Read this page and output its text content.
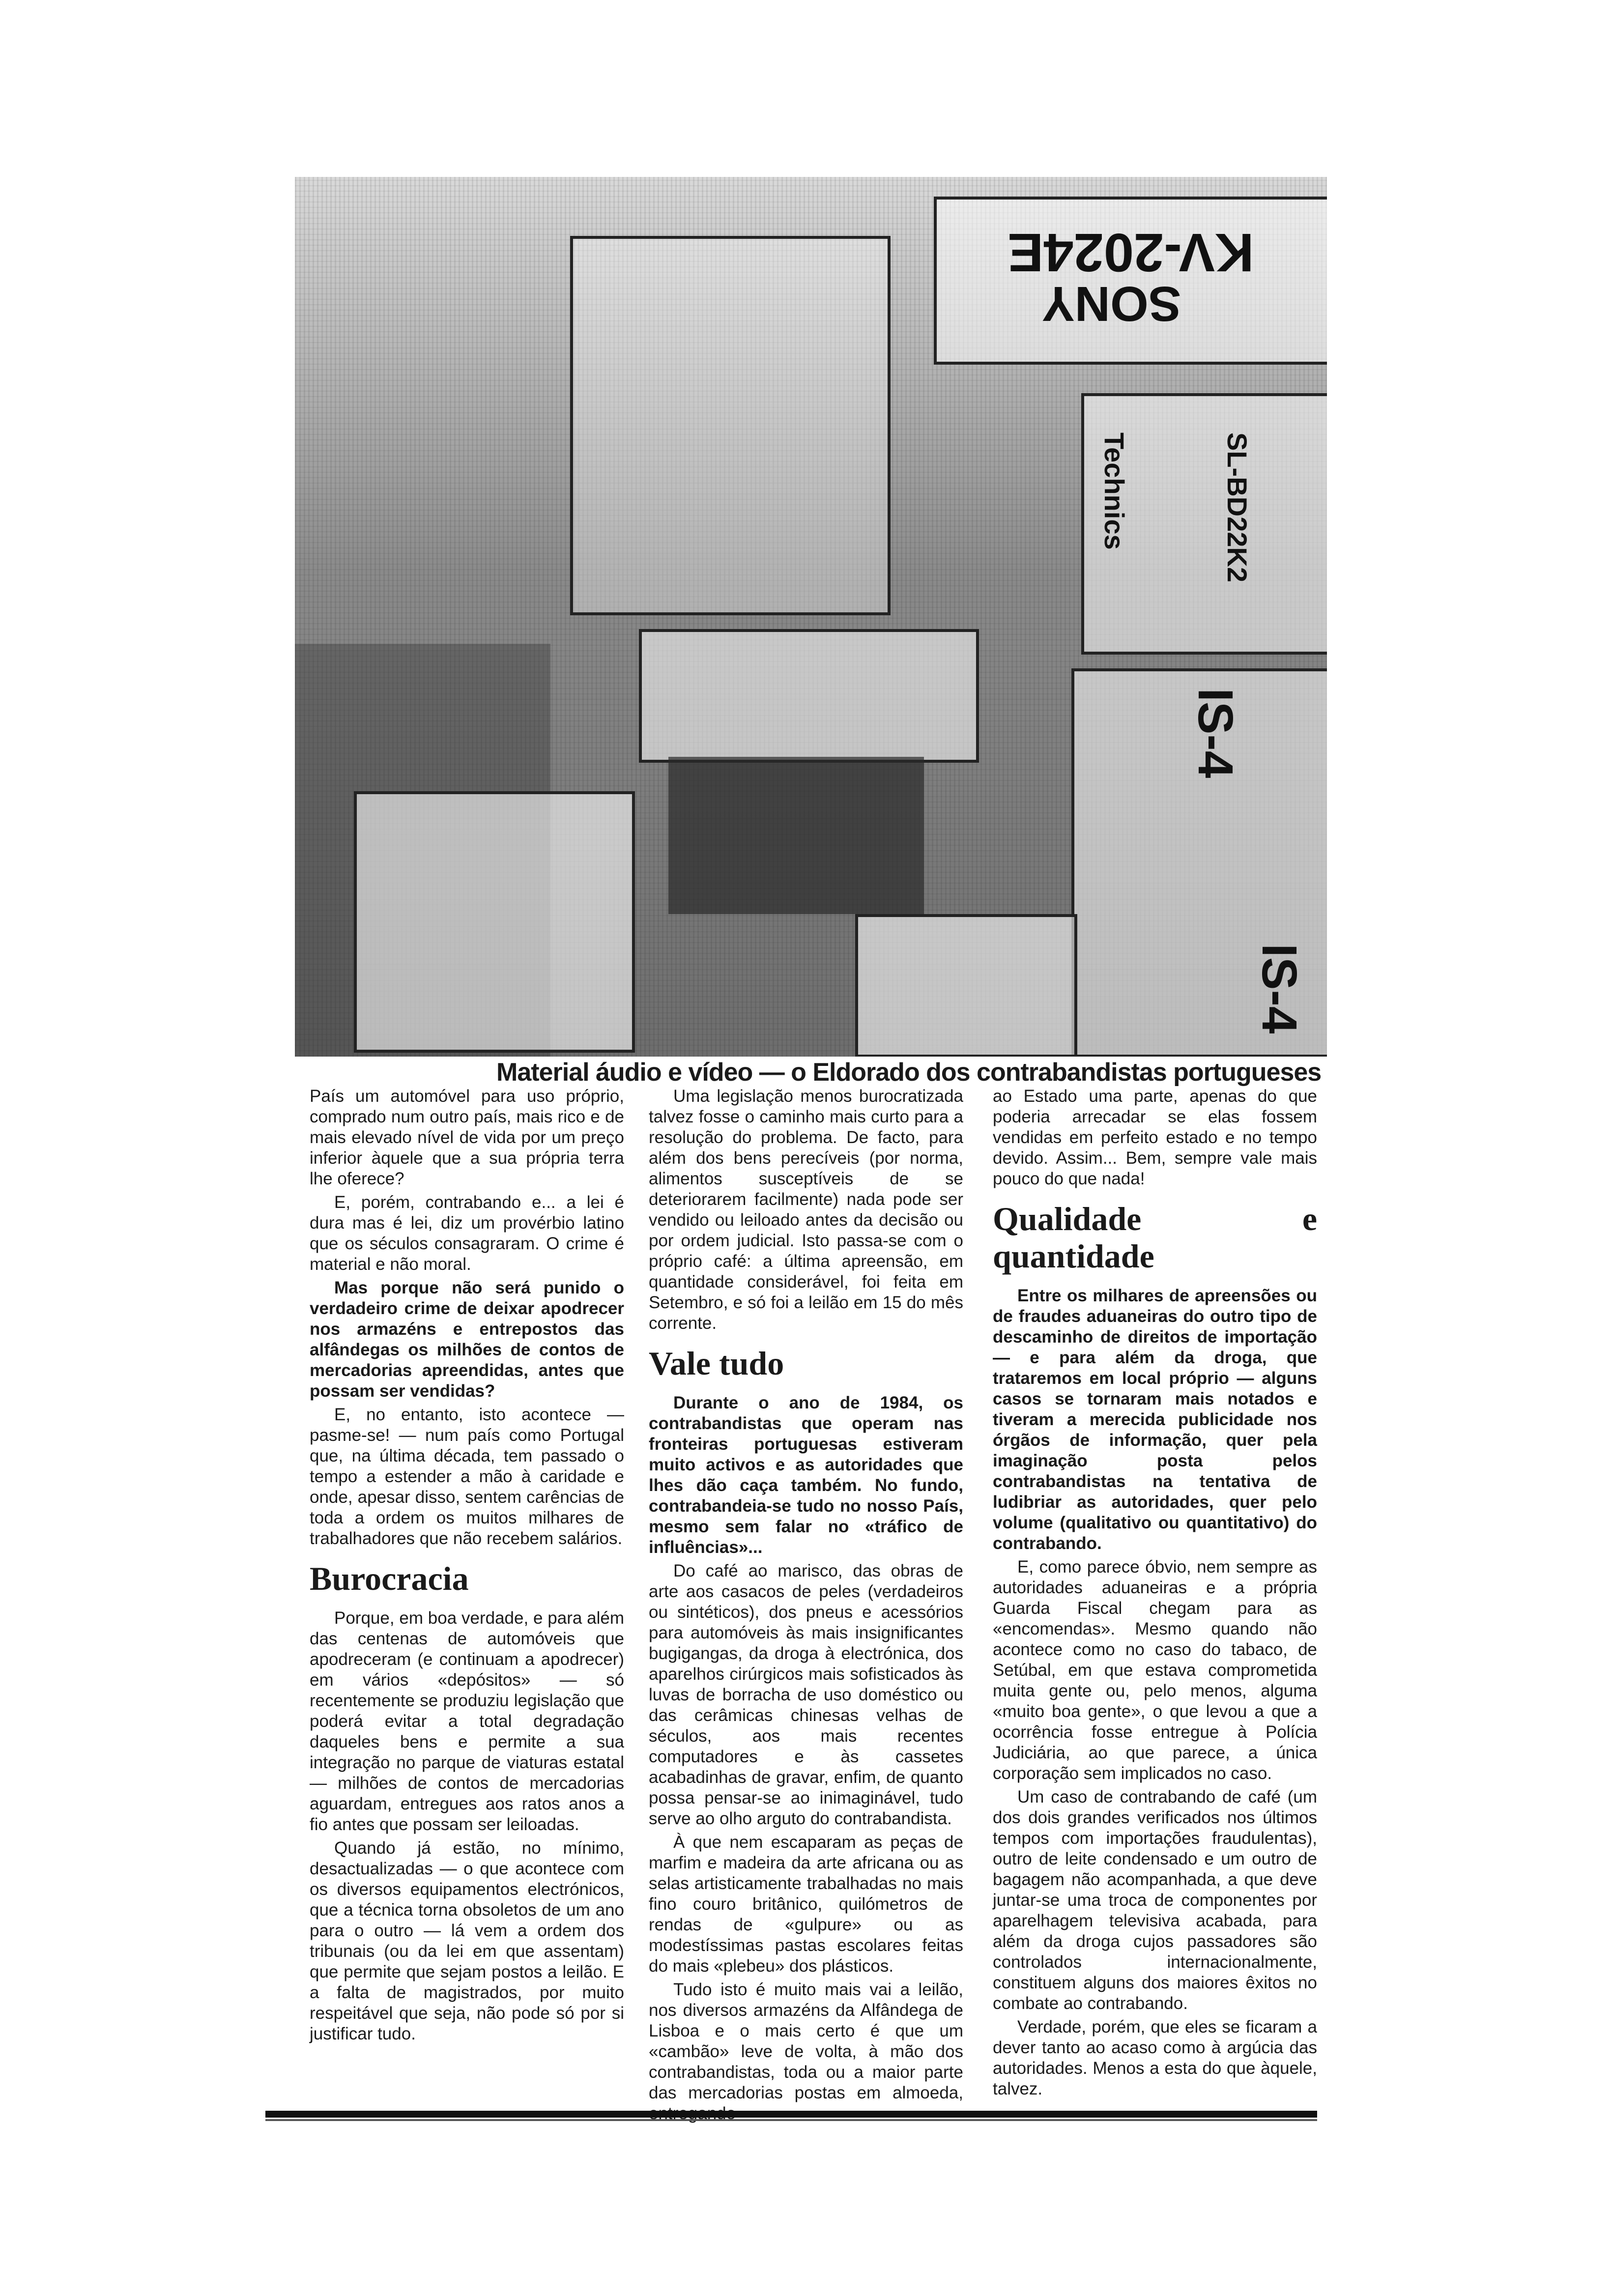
KV-2024E
SONY
Technics	SL-BD22K2
IS-4
IS-4
Material áudio e vídeo — o Eldorado dos contrabandistas portugueses

País um automóvel para uso próprio, comprado num outro país, mais rico e de mais elevado nível de vida por um preço inferior àquele que a sua própria terra lhe oferece?

E, porém, contrabando e... a lei é dura mas é lei, diz um provérbio latino que os séculos consagraram. O crime é material e não moral.

Mas porque não será punido o verdadeiro crime de deixar apodrecer nos armazéns e entrepostos das alfândegas os milhões de contos de mercadorias apreendidas, antes que possam ser vendidas?

E, no entanto, isto acontece — pasme-se! — num país como Portugal que, na última década, tem passado o tempo a estender a mão à caridade e onde, apesar disso, sentem carências de toda a ordem os muitos milhares de trabalhadores que não recebem salários.

Burocracia

Porque, em boa verdade, e para além das centenas de automóveis que apodreceram (e continuam a apodrecer) em vários «depósitos» — só recentemente se produziu legislação que poderá evitar a total degradação daqueles bens e permite a sua integração no parque de viaturas estatal — milhões de contos de mercadorias aguardam, entregues aos ratos anos a fio antes que possam ser leiloadas.

Quando já estão, no mínimo, desactualizadas — o que acontece com os diversos equipamentos electrónicos, que a técnica torna obsoletos de um ano para o outro — lá vem a ordem dos tribunais (ou da lei em que assentam) que permite que sejam postos a leilão. E a falta de magistrados, por muito respeitável que seja, não pode só por si justificar tudo.

Uma legislação menos burocratizada talvez fosse o caminho mais curto para a resolução do problema. De facto, para além dos bens perecíveis (por norma, alimentos susceptíveis de se deteriorarem facilmente) nada pode ser vendido ou leiloado antes da decisão ou por ordem judicial. Isto passa-se com o próprio café: a última apreensão, em quantidade considerável, foi feita em Setembro, e só foi a leilão em 15 do mês corrente.

Vale tudo

Durante o ano de 1984, os contrabandistas que operam nas fronteiras portuguesas estiveram muito activos e as autoridades que lhes dão caça também. No fundo, contrabandeia-se tudo no nosso País, mesmo sem falar no «tráfico de influências»...

Do café ao marisco, das obras de arte aos casacos de peles (verdadeiros ou sintéticos), dos pneus e acessórios para automóveis às mais insignificantes bugigangas, da droga à electrónica, dos aparelhos cirúrgicos mais sofisticados às luvas de borracha de uso doméstico ou das cerâmicas chinesas velhas de séculos, aos mais recentes computadores e às cassetes acabadinhas de gravar, enfim, de quanto possa pensar-se ao inimaginável, tudo serve ao olho arguto do contrabandista.

À que nem escaparam as peças de marfim e madeira da arte africana ou as selas artisticamente trabalhadas no mais fino couro britânico, quilómetros de rendas de «gulpure» ou as modestíssimas pastas escolares feitas do mais «plebeu» dos plásticos.

Tudo isto é muito mais vai a leilão, nos diversos armazéns da Alfândega de Lisboa e o mais certo é que um «cambão» leve de volta, à mão dos contrabandistas, toda ou a maior parte das mercadorias postas em almoeda,

ao Estado uma parte, apenas do que poderia arrecadar se elas fossem vendidas em perfeito estado e no tempo devido. Assim... Bem, sempre vale mais pouco do que nada!

Qualidade e quantidade

Entre os milhares de apreensões ou de fraudes aduaneiras do outro tipo de descaminho de direitos de importação — e para além da droga, que trataremos em local próprio — alguns casos se tornaram mais notados e tiveram a merecida publicidade nos órgãos de informação, quer pela imaginação posta pelos contrabandistas na tentativa de ludibriar as autoridades, quer pelo volume (qualitativo ou quantitativo) do contrabando.

E, como parece óbvio, nem sempre as autoridades aduaneiras e a própria Guarda Fiscal chegam para as «encomendas». Mesmo quando não acontece como no caso do tabaco, de Setúbal, em que estava comprometida muita gente ou, pelo menos, alguma «muito boa gente», o que levou a que a ocorrência fosse entregue à Polícia Judiciária, ao que parece, a única corporação sem implicados no caso.

Um caso de contrabando de café (um dos dois grandes verificados nos últimos tempos com importações fraudulentas), outro de leite condensado e um outro de bagagem não acompanhada, a que deve juntar-se uma troca de componentes por aparelhagem televisiva acabada, para além da droga cujos passadores são controlados internacionalmente, constituem alguns dos maiores êxitos no combate ao contrabando.

Verdade, porém, que eles se ficaram a dever tanto ao acaso como à argúcia das autoridades. Menos a esta do que àquele, talvez.
